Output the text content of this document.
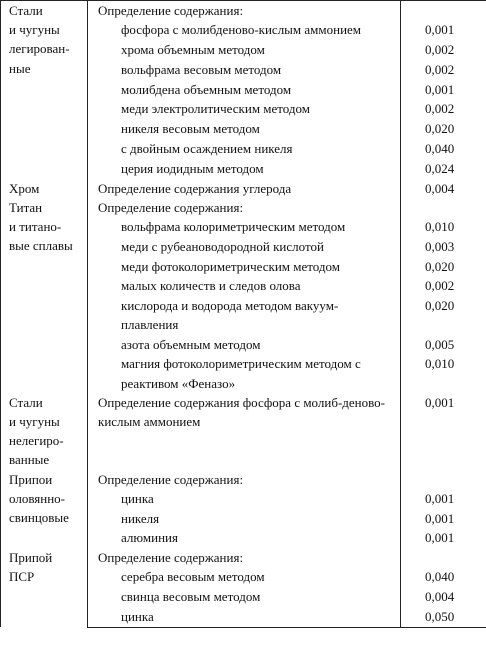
Стали
и чугуны
легирован-
ные	Определение содержания:	
	фосфора с молибденово-кислым аммонием	0,001
	хрома объемным методом	0,002
	вольфрама весовым методом	0,002
	молибдена объемным методом	0,001
	меди электролитическим методом	0,002
	никеля весовым методом	0,020
	с двойным осаждением никеля	0,040
	церия иодидным методом	0,024

Хром	Определение содержания углерода	0,004

Титан
и титано-
вые сплавы	Определение содержания:	
	вольфрама колориметрическим методом	0,010
	меди с рубеановодородной кислотой	0,003
	меди фотоколориметрическим методом	0,020
	малых количеств и следов олова	0,002
	кислорода и водорода методом вакуум-плавления	0,020
	азота объемным методом	0,005
	магния фотоколориметрическим методом с реактивом «Феназо»	0,010

Стали
и чугуны
нелегиро-
ванные	Определение содержания фосфора с молиб-деново-кислым аммонием	0,001

Припои
оловянно-
свинцовые	Определение содержания:	
	цинка	0,001
	никеля	0,001
	алюминия	0,001

Припой
ПСР	Определение содержания:	
	серебра весовым методом	0,040
	свинца весовым методом	0,004
	цинка	0,050
